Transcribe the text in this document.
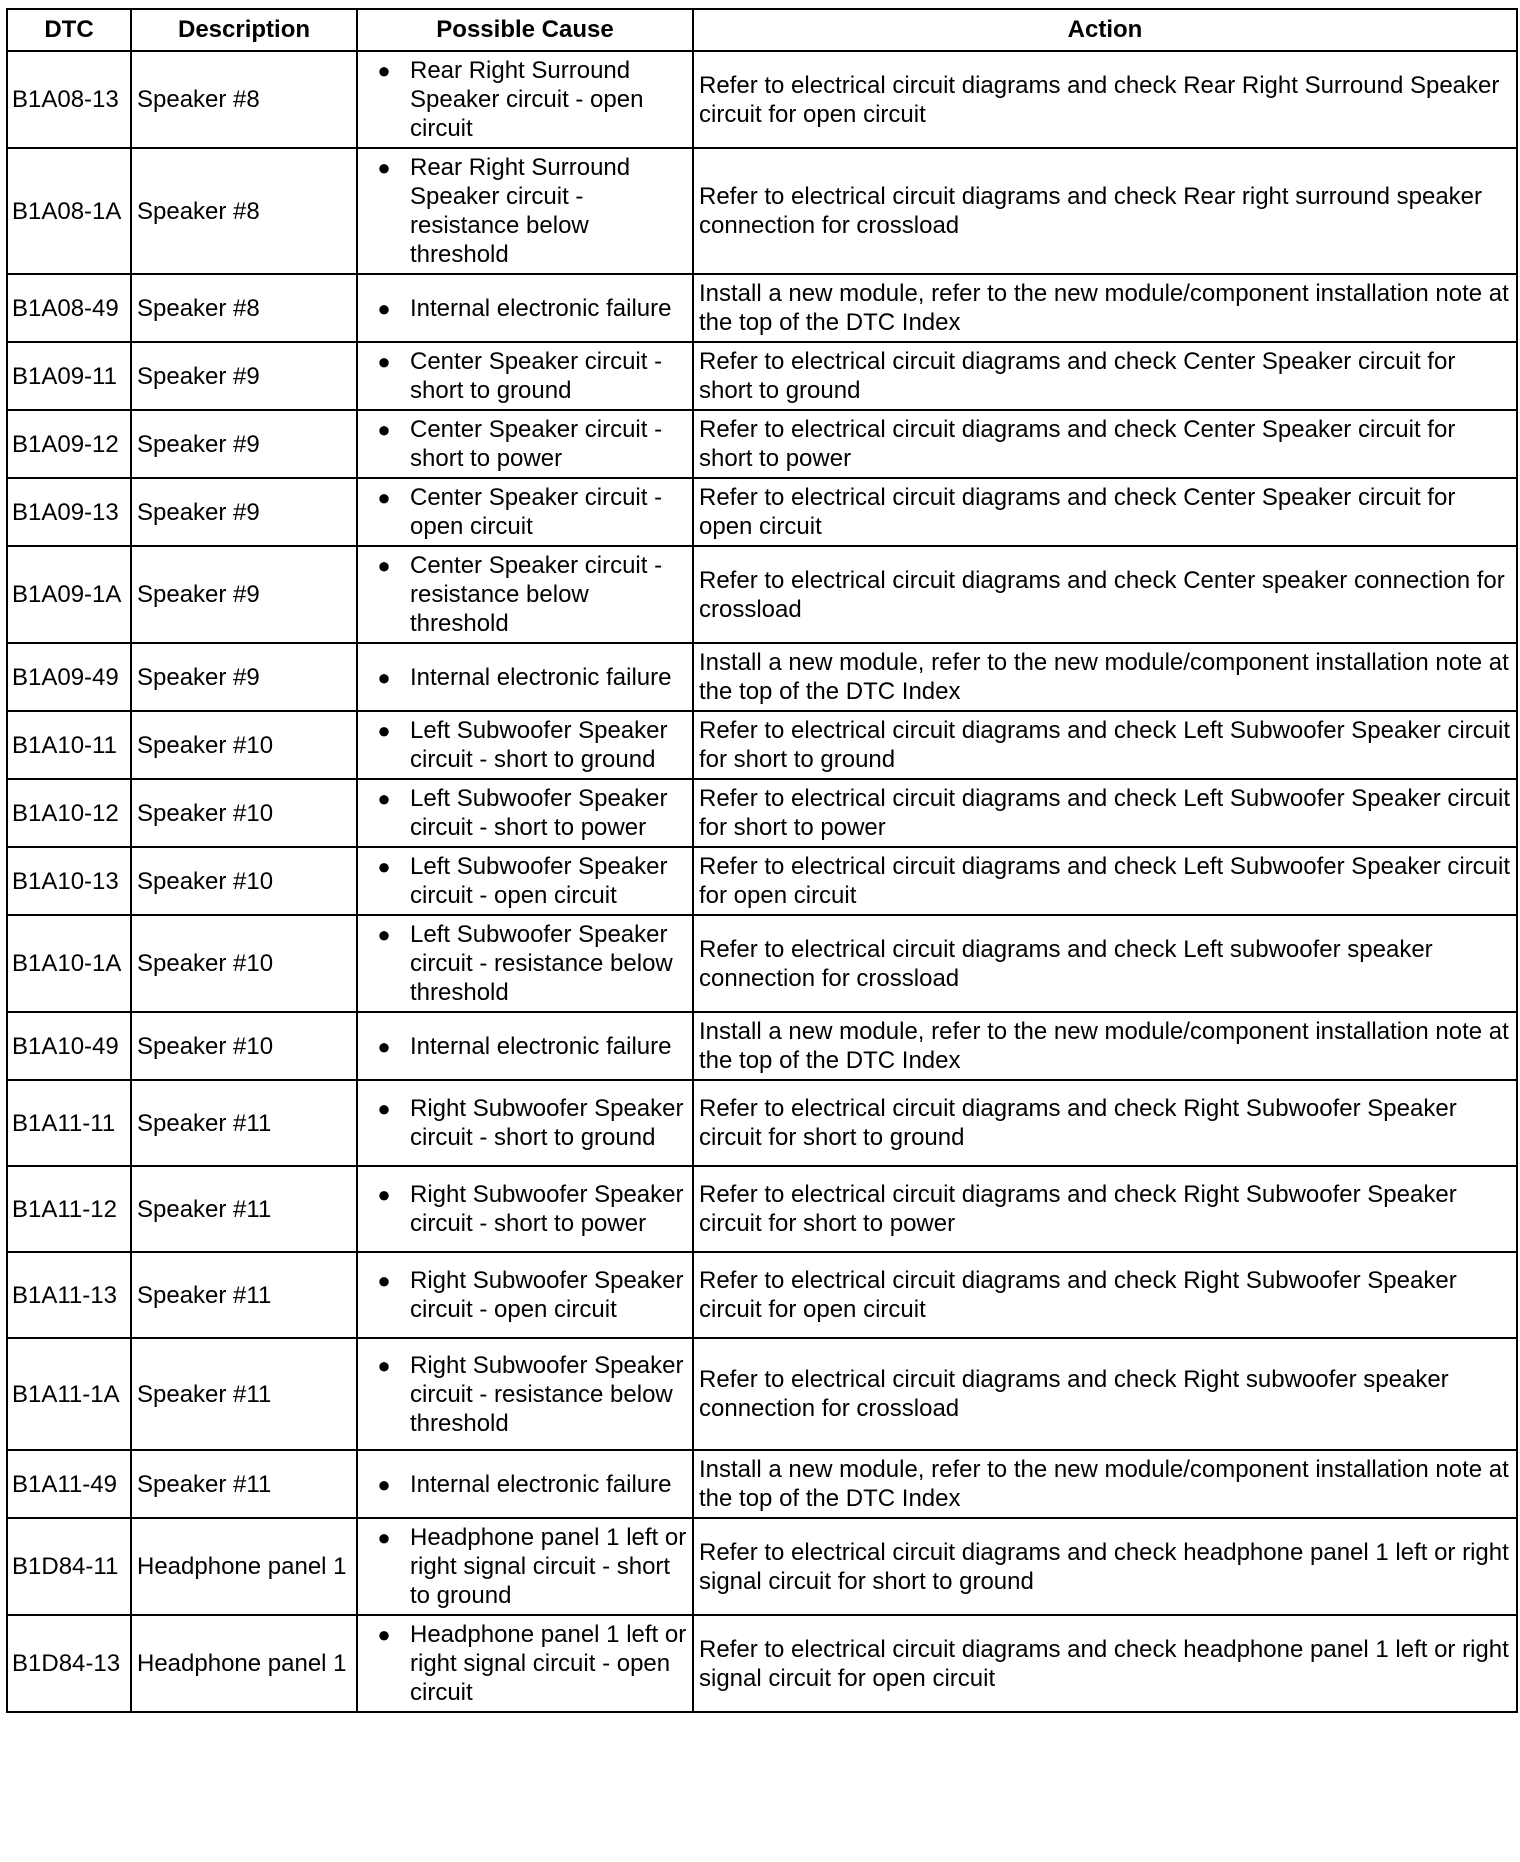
DTC	Description	Possible Cause	Action
B1A08-13	Speaker #8	● Rear Right Surround Speaker circuit - open circuit	Refer to electrical circuit diagrams and check Rear Right Surround Speaker circuit for open circuit
B1A08-1A	Speaker #8	● Rear Right Surround Speaker circuit - resistance below threshold	Refer to electrical circuit diagrams and check Rear right surround speaker connection for crossload
B1A08-49	Speaker #8	● Internal electronic failure	Install a new module, refer to the new module/component installation note at the top of the DTC Index
B1A09-11	Speaker #9	● Center Speaker circuit - short to ground	Refer to electrical circuit diagrams and check Center Speaker circuit for short to ground
B1A09-12	Speaker #9	● Center Speaker circuit - short to power	Refer to electrical circuit diagrams and check Center Speaker circuit for short to power
B1A09-13	Speaker #9	● Center Speaker circuit - open circuit	Refer to electrical circuit diagrams and check Center Speaker circuit for open circuit
B1A09-1A	Speaker #9	● Center Speaker circuit - resistance below threshold	Refer to electrical circuit diagrams and check Center speaker connection for crossload
B1A09-49	Speaker #9	● Internal electronic failure	Install a new module, refer to the new module/component installation note at the top of the DTC Index
B1A10-11	Speaker #10	● Left Subwoofer Speaker circuit - short to ground	Refer to electrical circuit diagrams and check Left Subwoofer Speaker circuit for short to ground
B1A10-12	Speaker #10	● Left Subwoofer Speaker circuit - short to power	Refer to electrical circuit diagrams and check Left Subwoofer Speaker circuit for short to power
B1A10-13	Speaker #10	● Left Subwoofer Speaker circuit - open circuit	Refer to electrical circuit diagrams and check Left Subwoofer Speaker circuit for open circuit
B1A10-1A	Speaker #10	● Left Subwoofer Speaker circuit - resistance below threshold	Refer to electrical circuit diagrams and check Left subwoofer speaker connection for crossload
B1A10-49	Speaker #10	● Internal electronic failure	Install a new module, refer to the new module/component installation note at the top of the DTC Index
B1A11-11	Speaker #11	● Right Subwoofer Speaker circuit - short to ground	Refer to electrical circuit diagrams and check Right Subwoofer Speaker circuit for short to ground
B1A11-12	Speaker #11	● Right Subwoofer Speaker circuit - short to power	Refer to electrical circuit diagrams and check Right Subwoofer Speaker circuit for short to power
B1A11-13	Speaker #11	● Right Subwoofer Speaker circuit - open circuit	Refer to electrical circuit diagrams and check Right Subwoofer Speaker circuit for open circuit
B1A11-1A	Speaker #11	● Right Subwoofer Speaker circuit - resistance below threshold	Refer to electrical circuit diagrams and check Right subwoofer speaker connection for crossload
B1A11-49	Speaker #11	● Internal electronic failure	Install a new module, refer to the new module/component installation note at the top of the DTC Index
B1D84-11	Headphone panel 1	● Headphone panel 1 left or right signal circuit - short to ground	Refer to electrical circuit diagrams and check headphone panel 1 left or right signal circuit for short to ground
B1D84-13	Headphone panel 1	● Headphone panel 1 left or right signal circuit - open circuit	Refer to electrical circuit diagrams and check headphone panel 1 left or right signal circuit for open circuit
